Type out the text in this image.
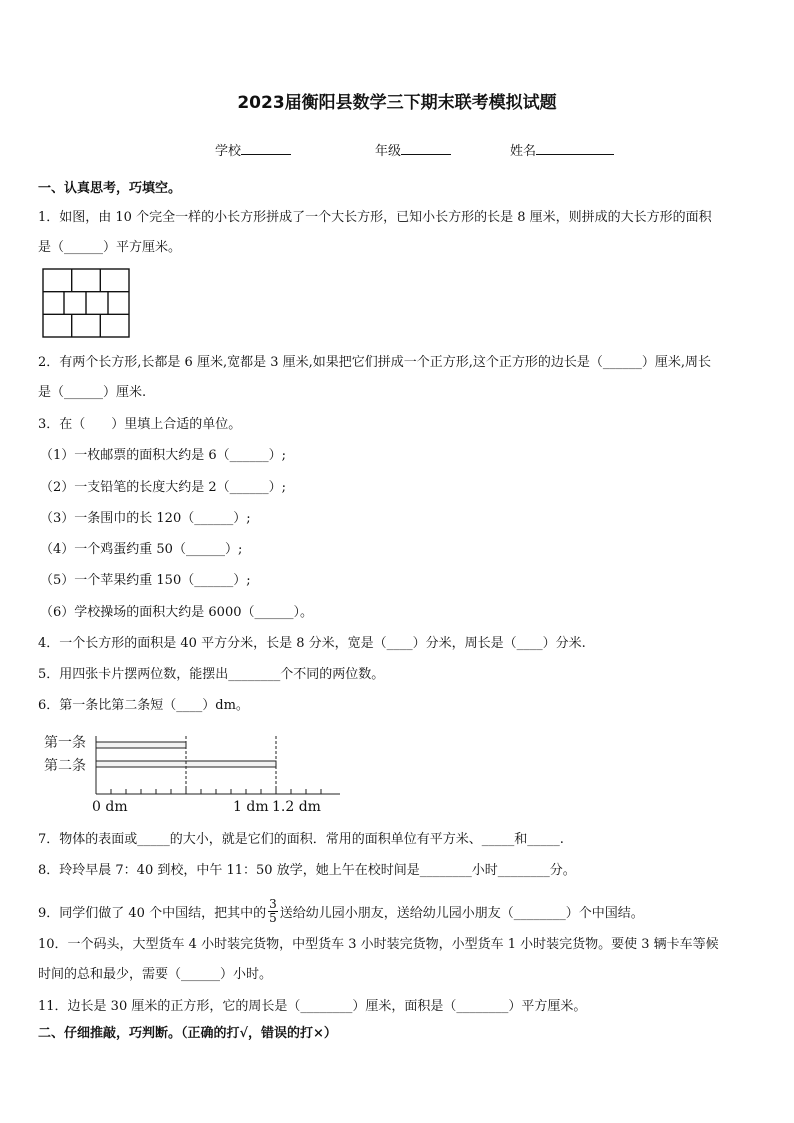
2023届衡阳县数学三下期末联考模拟试题
学校	年级	姓名
一、认真思考，巧填空。
1．如图，由 10 个完全一样的小长方形拼成了一个大长方形，已知小长方形的长是 8 厘米，则拼成的大长方形的面积
是（______）平方厘米。
2．有两个长方形,长都是 6 厘米,宽都是 3 厘米,如果把它们拼成一个正方形,这个正方形的边长是（______）厘米,周长
是（______）厘米.
3．在（　　）里填上合适的单位。
（1）一枚邮票的面积大约是 6（______）;
（2）一支铅笔的长度大约是 2（______）;
（3）一条围巾的长 120（______）;
（4）一个鸡蛋约重 50（______）;
（5）一个苹果约重 150（______）;
（6）学校操场的面积大约是 6000（______）。
4．一个长方形的面积是 40 平方分米，长是 8 分米，宽是（____）分米，周长是（____）分米.
5．用四张卡片摆两位数，能摆出________个不同的两位数。
6．第一条比第二条短（____）dm。
第一条
第二条
0 dm	1 dm 1.2 dm
7．物体的表面或_____的大小，就是它们的面积．常用的面积单位有平方米、_____和_____.
8．玲玲早晨 7：40 到校，中午 11：50 放学，她上午在校时间是________小时________分。
9．同学们做了 40 个中国结，把其中的 $\frac{3}{5}$ 送给幼儿园小朋友，送给幼儿园小朋友（________）个中国结。
10．一个码头，大型货车 4 小时装完货物，中型货车 3 小时装完货物，小型货车 1 小时装完货物。要使 3 辆卡车等候
时间的总和最少，需要（______）小时。
11．边长是 30 厘米的正方形，它的周长是（________）厘米，面积是（________）平方厘米。
二、仔细推敲，巧判断。（正确的打√，错误的打×）
